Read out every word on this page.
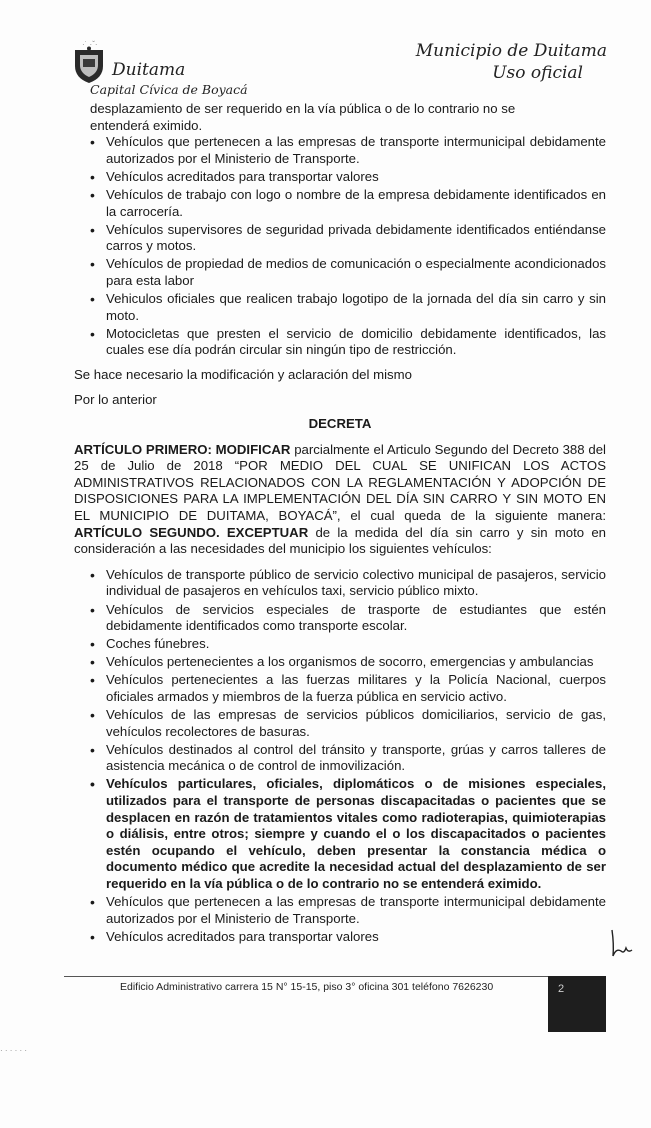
·˙ ·ˇ·
Duitama
Capital Cívica de Boyacá
Municipio de Duitama
Uso oficial
desplazamiento de ser requerido en la vía pública o de lo contrario no se
entenderá eximido.
• Vehículos que pertenecen a las empresas de transporte intermunicipal debidamente autorizados por el Ministerio de Transporte.
• Vehículos acreditados para transportar valores
• Vehículos de trabajo con logo o nombre de la empresa debidamente identificados en la carrocería.
• Vehículos supervisores de seguridad privada debidamente identificados entiéndanse carros y motos.
• Vehículos de propiedad de medios de comunicación o especialmente acondicionados para esta labor
• Vehiculos oficiales que realicen trabajo logotipo de la jornada del día sin carro y sin moto.
• Motocicletas que presten el servicio de domicilio debidamente identificados, las cuales ese día podrán circular sin ningún tipo de restricción.
Se hace necesario la modificación y aclaración del mismo
Por lo anterior
DECRETA
ARTÍCULO PRIMERO: MODIFICAR parcialmente el Articulo Segundo del Decreto 388 del 25 de Julio de 2018 “POR MEDIO DEL CUAL SE UNIFICAN LOS ACTOS ADMINISTRATIVOS RELACIONADOS CON LA REGLAMENTACIÓN Y ADOPCIÓN DE DISPOSICIONES PARA LA IMPLEMENTACIÓN DEL DÍA SIN CARRO Y SIN MOTO EN EL MUNICIPIO DE DUITAMA, BOYACÁ”, el cual queda de la siguiente manera: ARTÍCULO SEGUNDO. EXCEPTUAR de la medida del día sin carro y sin moto en consideración a las necesidades del municipio los siguientes vehículos:
• Vehículos de transporte público de servicio colectivo municipal de pasajeros, servicio individual de pasajeros en vehículos taxi, servicio público mixto.
• Vehículos de servicios especiales de trasporte de estudiantes que estén debidamente identificados como transporte escolar.
• Coches fúnebres.
• Vehículos pertenecientes a los organismos de socorro, emergencias y ambulancias
• Vehículos pertenecientes a las fuerzas militares y la Policía Nacional, cuerpos oficiales armados y miembros de la fuerza pública en servicio activo.
• Vehículos de las empresas de servicios públicos domiciliarios, servicio de gas, vehículos recolectores de basuras.
• Vehículos destinados al control del tránsito y transporte, grúas y carros talleres de asistencia mecánica o de control de inmovilización.
• Vehículos particulares, oficiales, diplomáticos o de misiones especiales, utilizados para el transporte de personas discapacitadas o pacientes que se desplacen en razón de tratamientos vitales como radioterapias, quimioterapias o diálisis, entre otros; siempre y cuando el o los discapacitados o pacientes estén ocupando el vehículo, deben presentar la constancia médica o documento médico que acredite la necesidad actual del desplazamiento de ser requerido en la vía pública o de lo contrario no se entenderá eximido.
• Vehículos que pertenecen a las empresas de transporte intermunicipal debidamente autorizados por el Ministerio de Transporte.
• Vehículos acreditados para transportar valores
Edificio Administrativo carrera 15 N° 15-15, piso 3° oficina 301 teléfono 7626230	2
· · · · · ·
